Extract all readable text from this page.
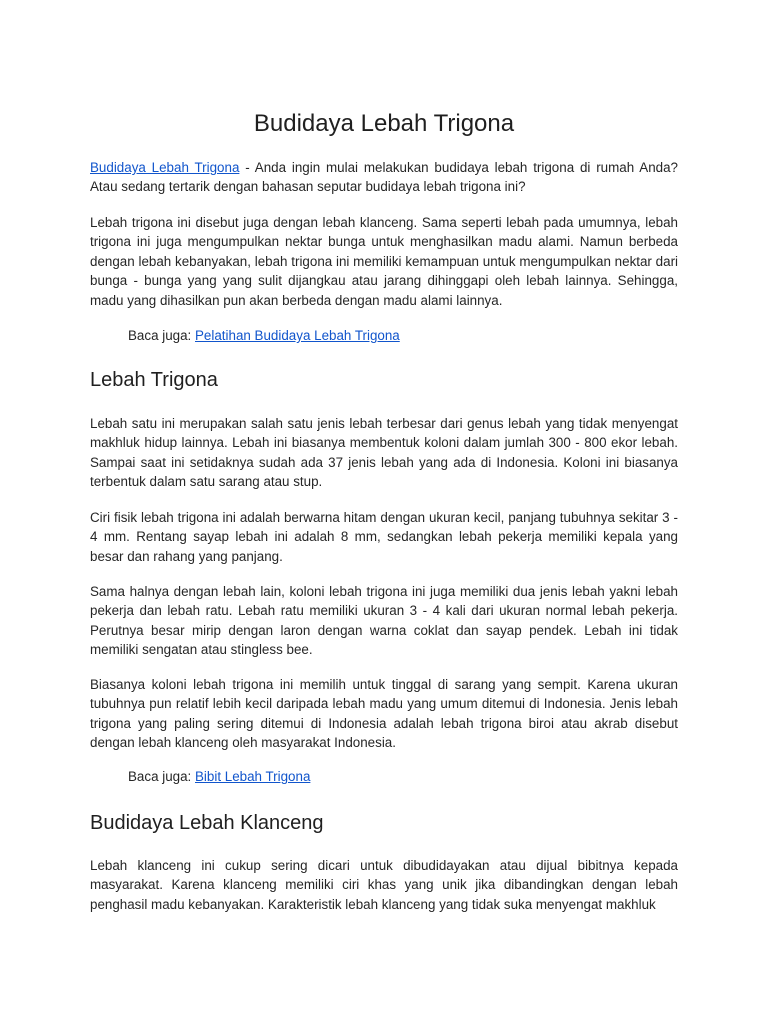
Budidaya Lebah Trigona

Budidaya Lebah Trigona - Anda ingin mulai melakukan budidaya lebah trigona di rumah Anda? Atau sedang tertarik dengan bahasan seputar budidaya lebah trigona ini?

Lebah trigona ini disebut juga dengan lebah klanceng. Sama seperti lebah pada umumnya, lebah trigona ini juga mengumpulkan nektar bunga untuk menghasilkan madu alami. Namun berbeda dengan lebah kebanyakan, lebah trigona ini memiliki kemampuan untuk mengumpulkan nektar dari bunga - bunga yang yang sulit dijangkau atau jarang dihinggapi oleh lebah lainnya. Sehingga, madu yang dihasilkan pun akan berbeda dengan madu alami lainnya.

Baca juga: Pelatihan Budidaya Lebah Trigona

Lebah Trigona

Lebah satu ini merupakan salah satu jenis lebah terbesar dari genus lebah yang tidak menyengat makhluk hidup lainnya. Lebah ini biasanya membentuk koloni dalam jumlah 300 - 800 ekor lebah. Sampai saat ini setidaknya sudah ada 37 jenis lebah yang ada di Indonesia. Koloni ini biasanya terbentuk dalam satu sarang atau stup.

Ciri fisik lebah trigona ini adalah berwarna hitam dengan ukuran kecil, panjang tubuhnya sekitar 3 - 4 mm. Rentang sayap lebah ini adalah 8 mm, sedangkan lebah pekerja memiliki kepala yang besar dan rahang yang panjang.

Sama halnya dengan lebah lain, koloni lebah trigona ini juga memiliki dua jenis lebah yakni lebah pekerja dan lebah ratu. Lebah ratu memiliki ukuran 3 - 4 kali dari ukuran normal lebah pekerja. Perutnya besar mirip dengan laron dengan warna coklat dan sayap pendek. Lebah ini tidak memiliki sengatan atau stingless bee.

Biasanya koloni lebah trigona ini memilih untuk tinggal di sarang yang sempit. Karena ukuran tubuhnya pun relatif lebih kecil daripada lebah madu yang umum ditemui di Indonesia. Jenis lebah trigona yang paling sering ditemui di Indonesia adalah lebah trigona biroi atau akrab disebut dengan lebah klanceng oleh masyarakat Indonesia.

Baca juga: Bibit Lebah Trigona

Budidaya Lebah Klanceng

Lebah klanceng ini cukup sering dicari untuk dibudidayakan atau dijual bibitnya kepada masyarakat. Karena klanceng memiliki ciri khas yang unik jika dibandingkan dengan lebah penghasil madu kebanyakan. Karakteristik lebah klanceng yang tidak suka menyengat makhluk
